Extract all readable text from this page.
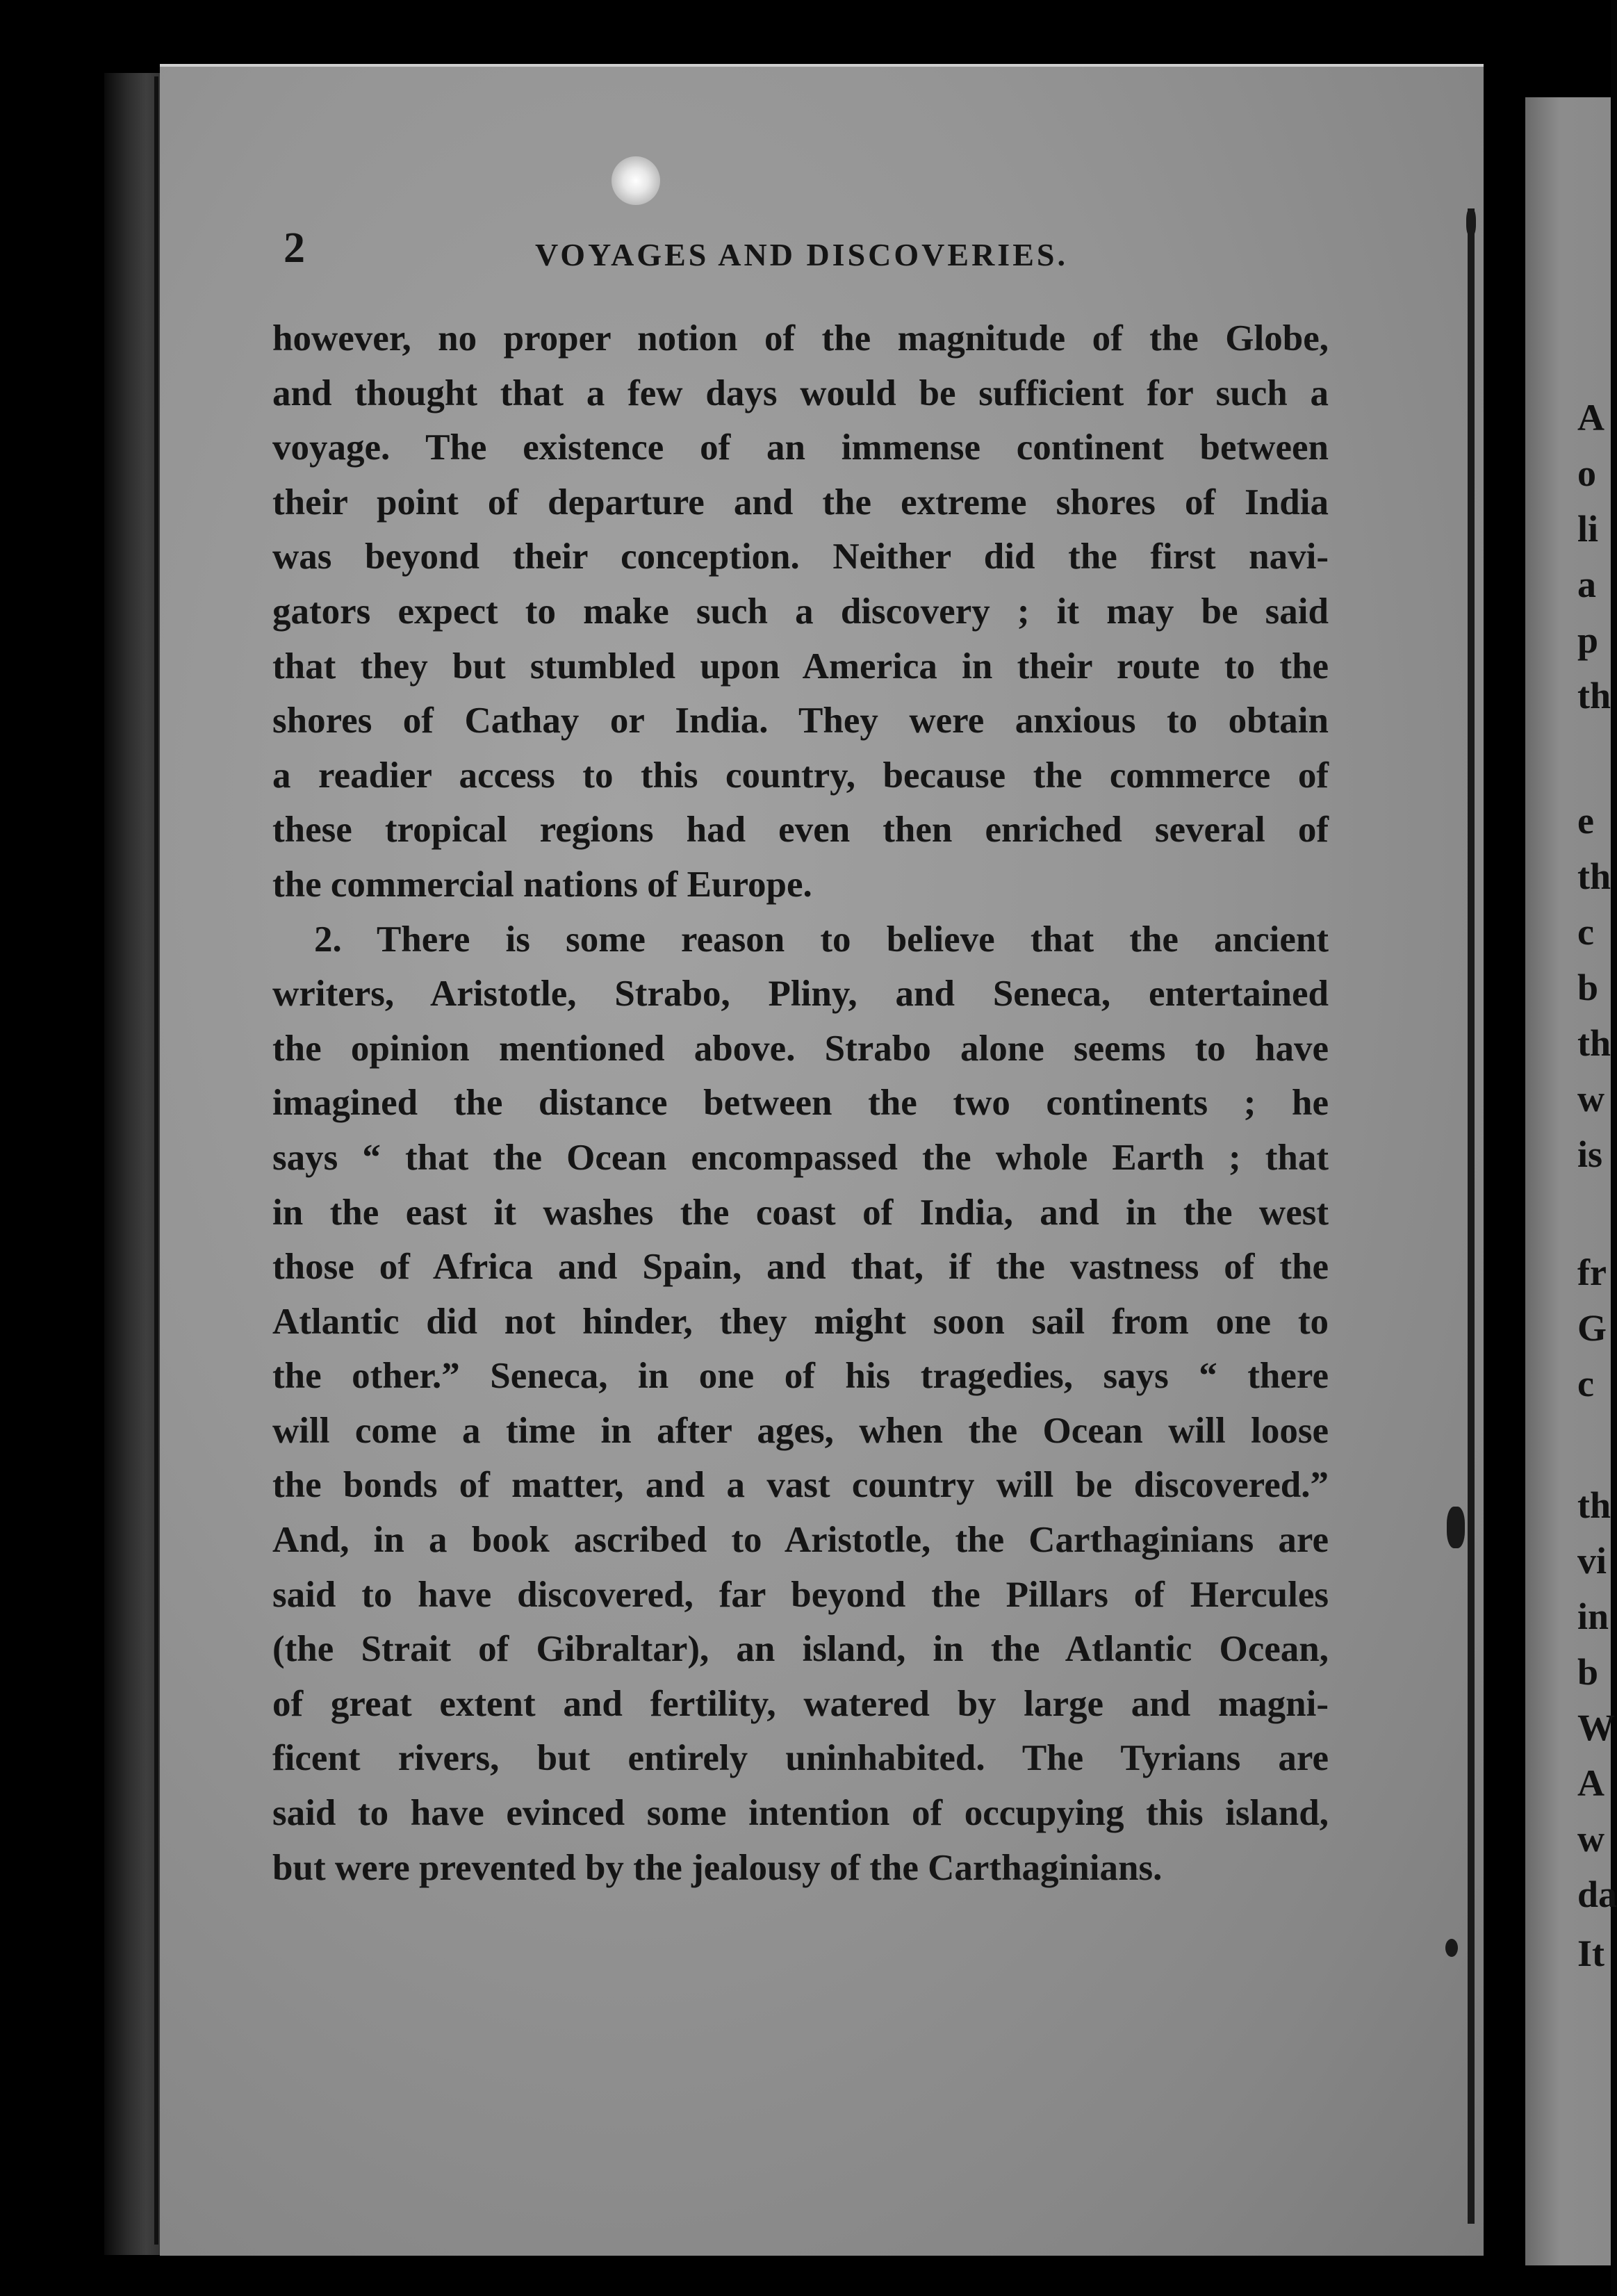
2	VOYAGES AND DISCOVERIES.
however, no proper notion of the magnitude of the Globe,
and thought that a few days would be sufficient for such a
voyage. The existence of an immense continent between
their point of departure and the extreme shores of India
was beyond their conception. Neither did the first navi-
gators expect to make such a discovery ; it may be said
that they but stumbled upon America in their route to the
shores of Cathay or India. They were anxious to obtain
a readier access to this country, because the commerce of
these tropical regions had even then enriched several of
the commercial nations of Europe.
2. There is some reason to believe that the ancient
writers, Aristotle, Strabo, Pliny, and Seneca, entertained
the opinion mentioned above. Strabo alone seems to have
imagined the distance between the two continents ; he
says “ that the Ocean encompassed the whole Earth ; that
in the east it washes the coast of India, and in the west
those of Africa and Spain, and that, if the vastness of the
Atlantic did not hinder, they might soon sail from one to
the other.” Seneca, in one of his tragedies, says “ there
will come a time in after ages, when the Ocean will loose
the bonds of matter, and a vast country will be discovered.”
And, in a book ascribed to Aristotle, the Carthaginians are
said to have discovered, far beyond the Pillars of Hercules
(the Strait of Gibraltar), an island, in the Atlantic Ocean,
of great extent and fertility, watered by large and magni-
ficent rivers, but entirely uninhabited. The Tyrians are
said to have evinced some intention of occupying this island,
but were prevented by the jealousy of the Carthaginians.
A
o
li
a
p
th
e
th
c
b
th
w
is
fr
G
c
th
vi
in
b
W
A
w
da
It
